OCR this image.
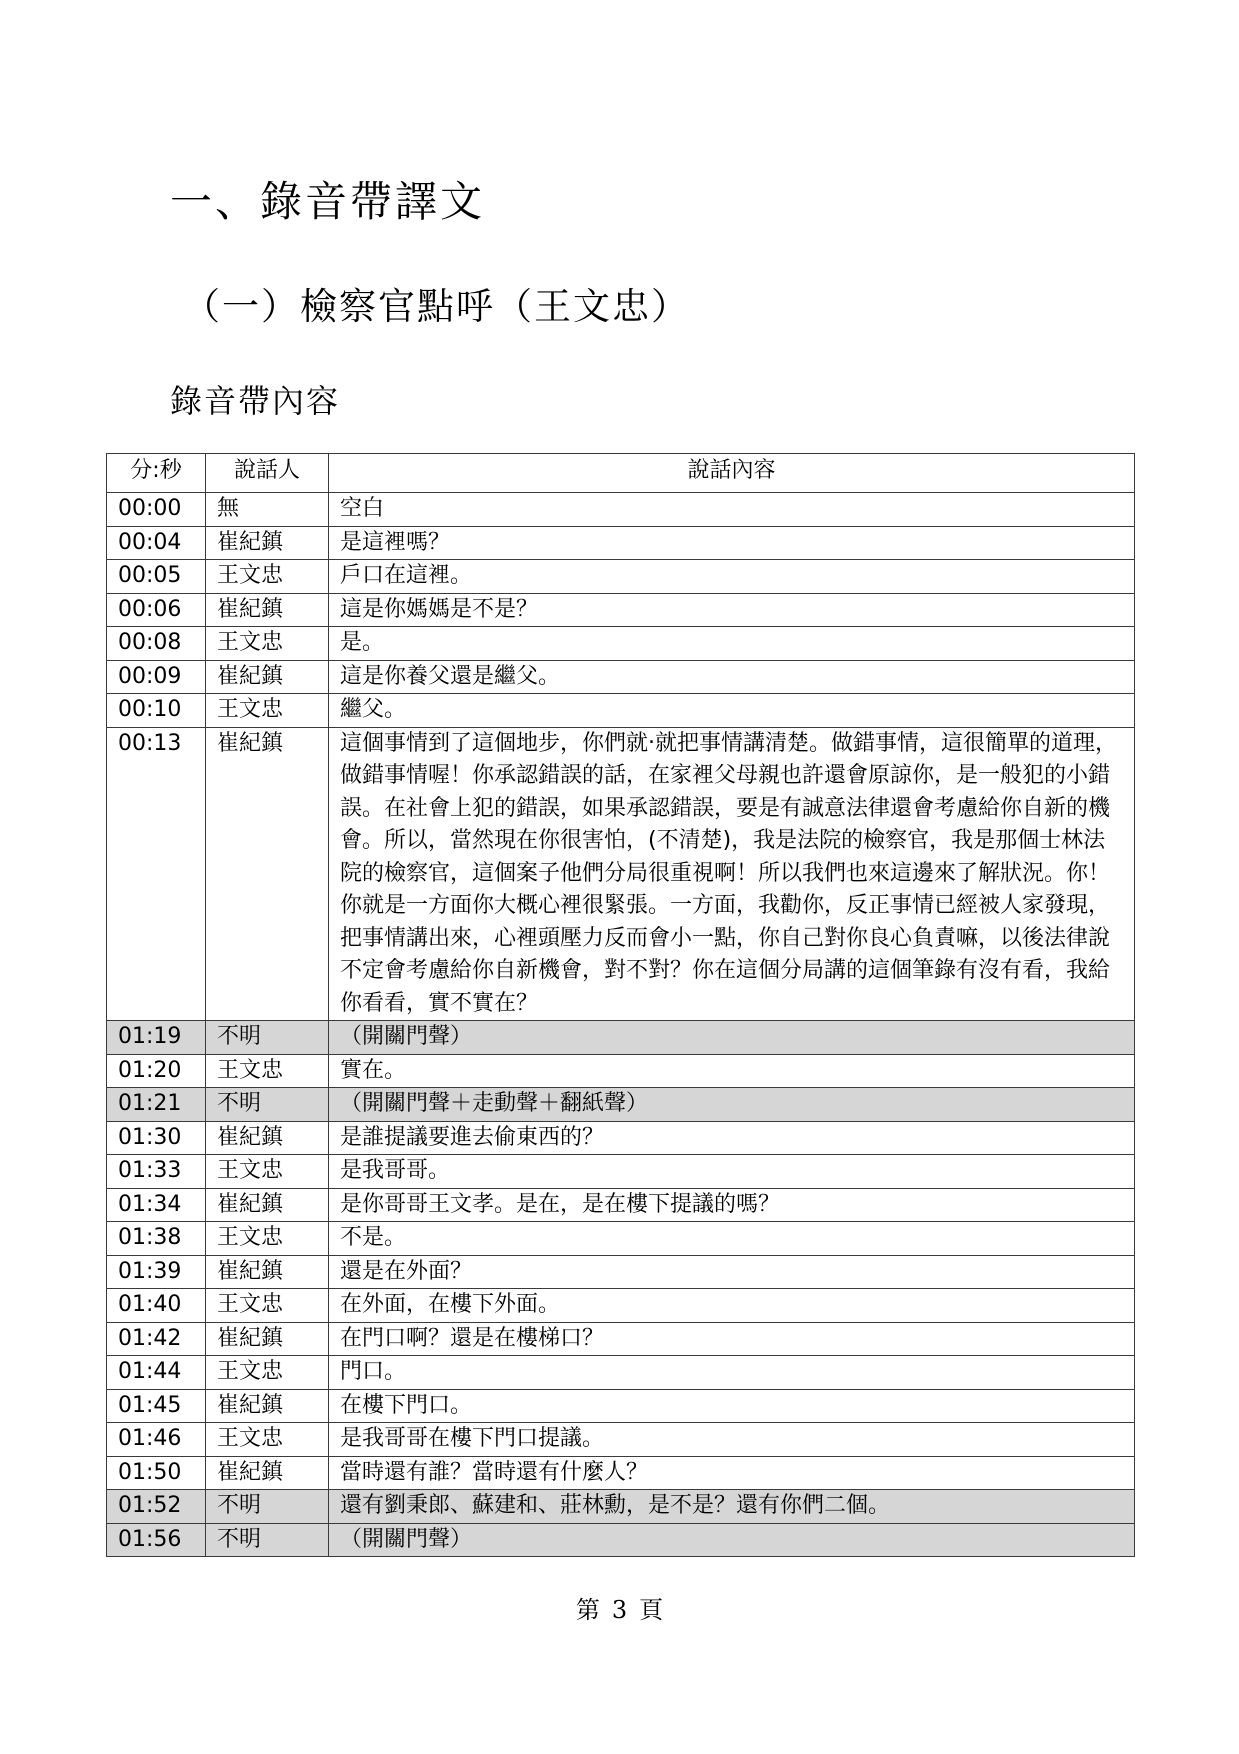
一、錄音帶譯文
（一）檢察官點呼（王文忠）
錄音帶內容
分:秒	說話人	說話內容
00:00	無	空白
00:04	崔紀鎮	是這裡嗎？
00:05	王文忠	戶口在這裡。
00:06	崔紀鎮	這是你媽媽是不是？
00:08	王文忠	是。
00:09	崔紀鎮	這是你養父還是繼父。
00:10	王文忠	繼父。
00:13	崔紀鎮	這個事情到了這個地步，你們就‧就把事情講清楚。做錯事情，這很簡單的道理，做錯事情喔！你承認錯誤的話，在家裡父母親也許還會原諒你，是一般犯的小錯誤。在社會上犯的錯誤，如果承認錯誤，要是有誠意法律還會考慮給你自新的機會。所以，當然現在你很害怕，(不清楚)，我是法院的檢察官，我是那個士林法院的檢察官，這個案子他們分局很重視啊！所以我們也來這邊來了解狀況。你！你就是一方面你大概心裡很緊張。一方面，我勸你，反正事情已經被人家發現，把事情講出來，心裡頭壓力反而會小一點，你自己對你良心負責嘛，以後法律說不定會考慮給你自新機會，對不對？你在這個分局講的這個筆錄有沒有看，我給你看看，實不實在？
01:19	不明	（開關門聲）
01:20	王文忠	實在。
01:21	不明	（開關門聲＋走動聲＋翻紙聲）
01:30	崔紀鎮	是誰提議要進去偷東西的？
01:33	王文忠	是我哥哥。
01:34	崔紀鎮	是你哥哥王文孝。是在，是在樓下提議的嗎？
01:38	王文忠	不是。
01:39	崔紀鎮	還是在外面？
01:40	王文忠	在外面，在樓下外面。
01:42	崔紀鎮	在門口啊？還是在樓梯口？
01:44	王文忠	門口。
01:45	崔紀鎮	在樓下門口。
01:46	王文忠	是我哥哥在樓下門口提議。
01:50	崔紀鎮	當時還有誰？當時還有什麼人？
01:52	不明	還有劉秉郎、蘇建和、莊林勳，是不是？還有你們二個。
01:56	不明	（開關門聲）
第 3 頁
